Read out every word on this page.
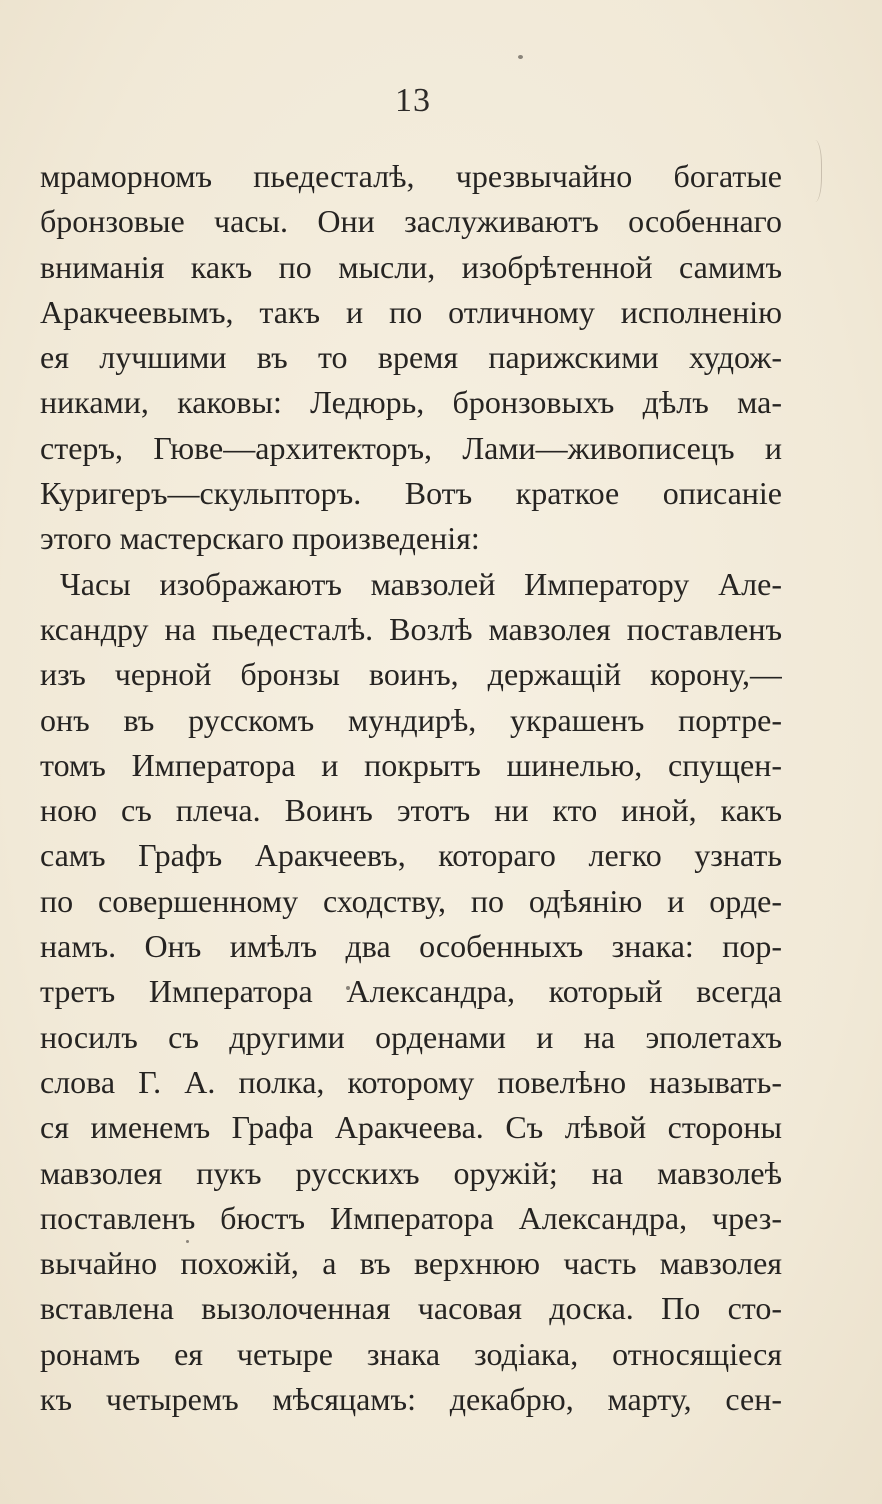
13
мраморномъ пьедесталѣ, чрезвычайно богатые
бронзовые часы. Они заслуживаютъ особеннаго
вниманія какъ по мысли, изобрѣтенной самимъ
Аракчеевымъ, такъ и по отличному исполненію
ея лучшими въ то время парижскими худож-
никами, каковы: Ледюрь, бронзовыхъ дѣлъ ма-
стеръ, Гюве—архитекторъ, Лами—живописецъ и
Куригеръ—скульпторъ. Вотъ краткое описаніе
этого мастерскаго произведенія:
Часы изображаютъ мавзолей Императору Але-
ксандру на пьедесталѣ. Возлѣ мавзолея поставленъ
изъ черной бронзы воинъ, держащій корону,—
онъ въ русскомъ мундирѣ, украшенъ портре-
томъ Императора и покрытъ шинелью, спущен-
ною съ плеча. Воинъ этотъ ни кто иной, какъ
самъ Графъ Аракчеевъ, котораго легко узнать
по совершенному сходству, по одѣянію и орде-
намъ. Онъ имѣлъ два особенныхъ знака: пор-
третъ Императора Александра, который всегда
носилъ съ другими орденами и на эполетахъ
слова Г. А. полка, которому повелѣно называть-
ся именемъ Графа Аракчеева. Съ лѣвой стороны
мавзолея пукъ русскихъ оружій; на мавзолеѣ
поставленъ бюстъ Императора Александра, чрез-
вычайно похожій, а въ верхнюю часть мавзолея
вставлена вызолоченная часовая доска. По сто-
ронамъ ея четыре знака зодіака, относящіеся
къ четыремъ мѣсяцамъ: декабрю, марту, сен-
